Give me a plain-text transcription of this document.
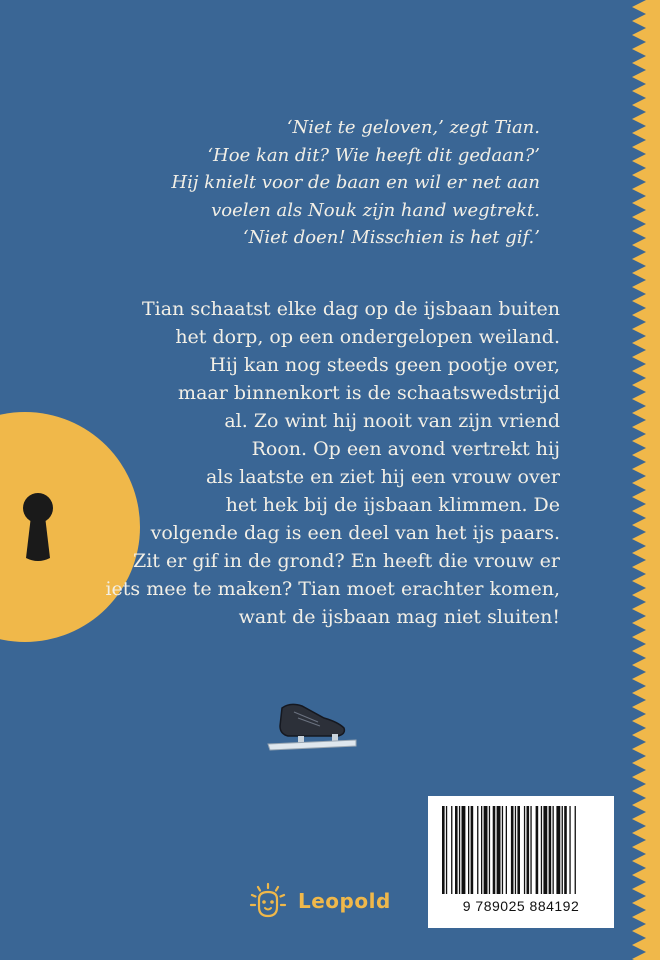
‘Niet te geloven,’ zegt Tian.
‘Hoe kan dit? Wie heeft dit gedaan?’
Hij knielt voor de baan en wil er net aan
voelen als Nouk zijn hand wegtrekt.
‘Niet doen! Misschien is het gif.’
Tian schaatst elke dag op de ijsbaan buiten
het dorp, op een ondergelopen weiland.
Hij kan nog steeds geen pootje over,
maar binnenkort is de schaatswedstrijd
al. Zo wint hij nooit van zijn vriend
Roon. Op een avond vertrekt hij
als laatste en ziet hij een vrouw over
het hek bij de ijsbaan klimmen. De
volgende dag is een deel van het ijs paars.
Zit er gif in de grond? En heeft die vrouw er
iets mee te maken? Tian moet erachter komen,
want de ijsbaan mag niet sluiten!
9 789025 884192
Leopold
